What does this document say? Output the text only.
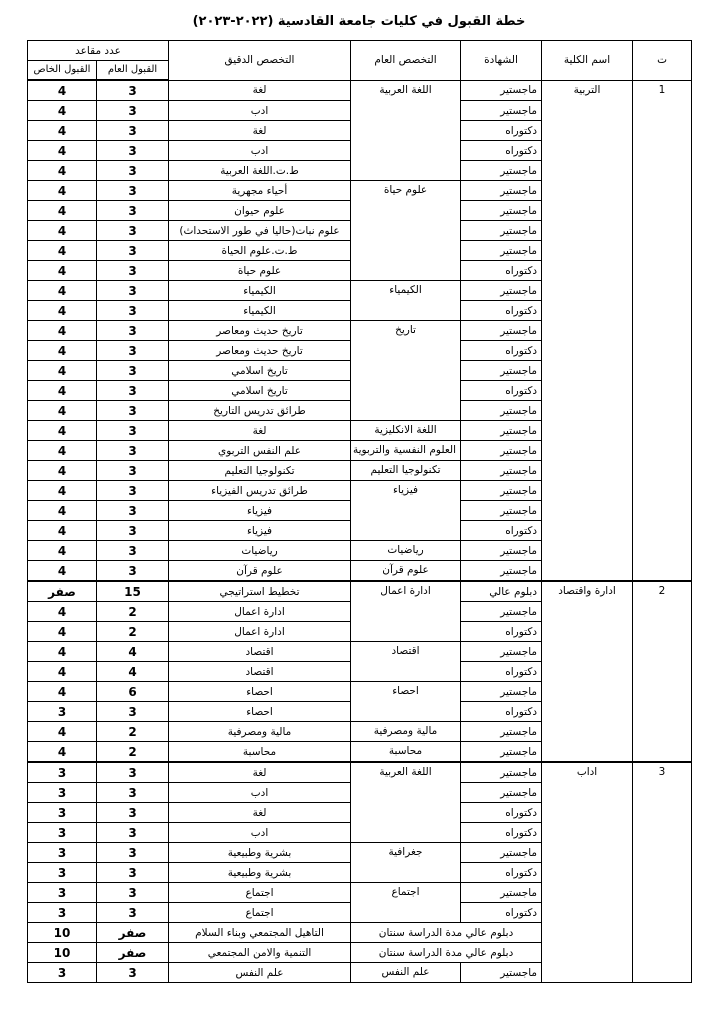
خطة القبول في كليات جامعة القادسية (٢٠٢٢-٢٠٢٣)
ت	اسم الكلية	الشهادة	التخصص العام	التخصص الدقيق	عدد مقاعد	
					القبول العام	القبول الخاص
1	التربية	ماجستير	اللغة العربية	لغة	3	4
		ماجستير		ادب	3	4
		دكتوراه		لغة	3	4
		دكتوراه		ادب	3	4
		ماجستير		ط.ت.اللغة العربية	3	4
		ماجستير	علوم حياة	أحياء مجهرية	3	4
		ماجستير		علوم حيوان	3	4
		ماجستير		علوم نبات(حاليا في طور الاستحداث)	3	4
		ماجستير		ط.ت.علوم الحياة	3	4
		دكتوراه		علوم حياة	3	4
		ماجستير	الكيمياء	الكيمياء	3	4
		دكتوراه		الكيمياء	3	4
		ماجستير	تاريخ	تاريخ حديث ومعاصر	3	4
		دكتوراه		تاريخ حديث ومعاصر	3	4
		ماجستير		تاريخ اسلامي	3	4
		دكتوراه		تاريخ اسلامي	3	4
		ماجستير		طرائق تدريس التاريخ	3	4
		ماجستير	اللغة الانكليزية	لغة	3	4
		ماجستير	العلوم النفسية والتربوية	علم النفس التربوي	3	4
		ماجستير	تكنولوجيا التعليم	تكنولوجيا التعليم	3	4
		ماجستير	فيزياء	طرائق تدريس الفيزياء	3	4
		ماجستير		فيزياء	3	4
		دكتوراه		فيزياء	3	4
		ماجستير	رياضيات	رياضيات	3	4
		ماجستير	علوم قرآن	علوم قرآن	3	4
2	ادارة واقتصاد	دبلوم عالي	ادارة اعمال	تخطيط استراتيجي	15	صفر
		ماجستير		ادارة اعمال	2	4
		دكتوراه		ادارة اعمال	2	4
		ماجستير	اقتصاد	اقتصاد	4	4
		دكتوراه		اقتصاد	4	4
		ماجستير	احصاء	احصاء	6	4
		دكتوراه		احصاء	3	3
		ماجستير	مالية ومصرفية	مالية ومصرفية	2	4
		ماجستير	محاسبة	محاسبة	2	4
3	اداب	ماجستير	اللغة العربية	لغة	3	3
		ماجستير		ادب	3	3
		دكتوراه		لغة	3	3
		دكتوراه		ادب	3	3
		ماجستير	جغرافية	بشرية وطبيعية	3	3
		دكتوراه		بشرية وطبيعية	3	3
		ماجستير	اجتماع	اجتماع	3	3
		دكتوراه		اجتماع	3	3
		دبلوم عالي مدة الدراسة سنتان		التاهيل المجتمعي وبناء السلام	صفر	10
		دبلوم عالي مدة الدراسة سنتان		التنمية والامن المجتمعي	صفر	10
		ماجستير	علم النفس	علم النفس	3	3
